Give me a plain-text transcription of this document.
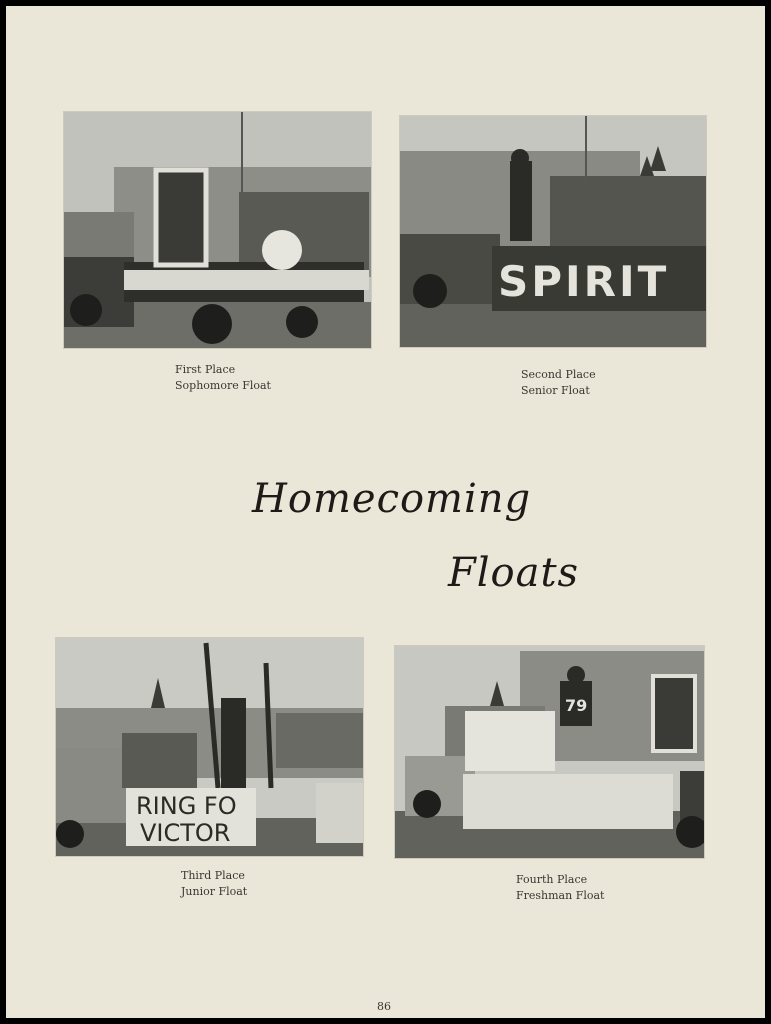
First Place
Sophomore Float
SPIRIT
Second Place
Senior Float
Homecoming
Floats
RING FO
VICTOR
Third Place
Junior Float
79
Fourth Place
Freshman Float
86
